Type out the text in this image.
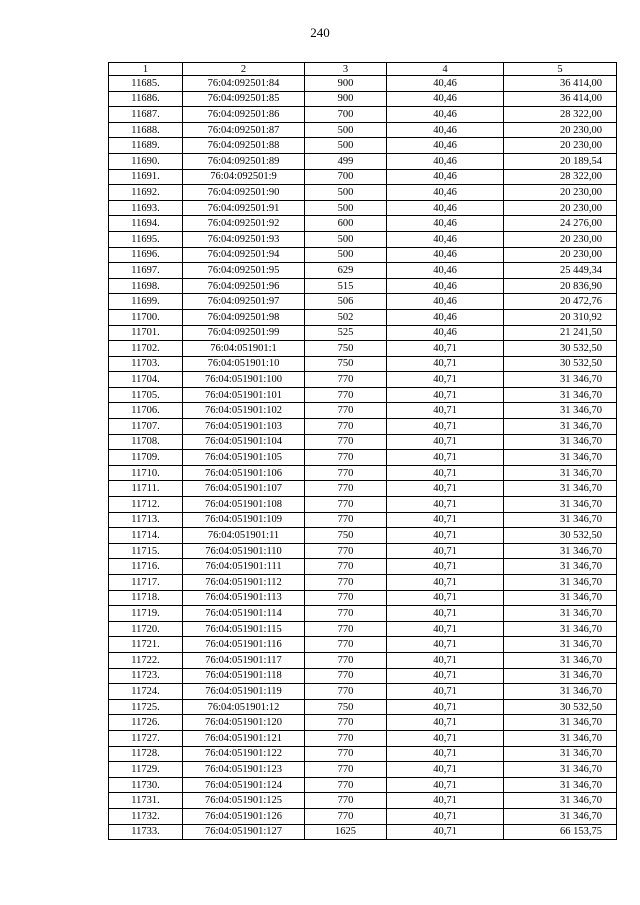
240
1	2	3	4	5
11685.	76:04:092501:84	900	40,46	36 414,00
11686.	76:04:092501:85	900	40,46	36 414,00
11687.	76:04:092501:86	700	40,46	28 322,00
11688.	76:04:092501:87	500	40,46	20 230,00
11689.	76:04:092501:88	500	40,46	20 230,00
11690.	76:04:092501:89	499	40,46	20 189,54
11691.	76:04:092501:9	700	40,46	28 322,00
11692.	76:04:092501:90	500	40,46	20 230,00
11693.	76:04:092501:91	500	40,46	20 230,00
11694.	76:04:092501:92	600	40,46	24 276,00
11695.	76:04:092501:93	500	40,46	20 230,00
11696.	76:04:092501:94	500	40,46	20 230,00
11697.	76:04:092501:95	629	40,46	25 449,34
11698.	76:04:092501:96	515	40,46	20 836,90
11699.	76:04:092501:97	506	40,46	20 472,76
11700.	76:04:092501:98	502	40,46	20 310,92
11701.	76:04:092501:99	525	40,46	21 241,50
11702.	76:04:051901:1	750	40,71	30 532,50
11703.	76:04:051901:10	750	40,71	30 532,50
11704.	76:04:051901:100	770	40,71	31 346,70
11705.	76:04:051901:101	770	40,71	31 346,70
11706.	76:04:051901:102	770	40,71	31 346,70
11707.	76:04:051901:103	770	40,71	31 346,70
11708.	76:04:051901:104	770	40,71	31 346,70
11709.	76:04:051901:105	770	40,71	31 346,70
11710.	76:04:051901:106	770	40,71	31 346,70
11711.	76:04:051901:107	770	40,71	31 346,70
11712.	76:04:051901:108	770	40,71	31 346,70
11713.	76:04:051901:109	770	40,71	31 346,70
11714.	76:04:051901:11	750	40,71	30 532,50
11715.	76:04:051901:110	770	40,71	31 346,70
11716.	76:04:051901:111	770	40,71	31 346,70
11717.	76:04:051901:112	770	40,71	31 346,70
11718.	76:04:051901:113	770	40,71	31 346,70
11719.	76:04:051901:114	770	40,71	31 346,70
11720.	76:04:051901:115	770	40,71	31 346,70
11721.	76:04:051901:116	770	40,71	31 346,70
11722.	76:04:051901:117	770	40,71	31 346,70
11723.	76:04:051901:118	770	40,71	31 346,70
11724.	76:04:051901:119	770	40,71	31 346,70
11725.	76:04:051901:12	750	40,71	30 532,50
11726.	76:04:051901:120	770	40,71	31 346,70
11727.	76:04:051901:121	770	40,71	31 346,70
11728.	76:04:051901:122	770	40,71	31 346,70
11729.	76:04:051901:123	770	40,71	31 346,70
11730.	76:04:051901:124	770	40,71	31 346,70
11731.	76:04:051901:125	770	40,71	31 346,70
11732.	76:04:051901:126	770	40,71	31 346,70
11733.	76:04:051901:127	1625	40,71	66 153,75
